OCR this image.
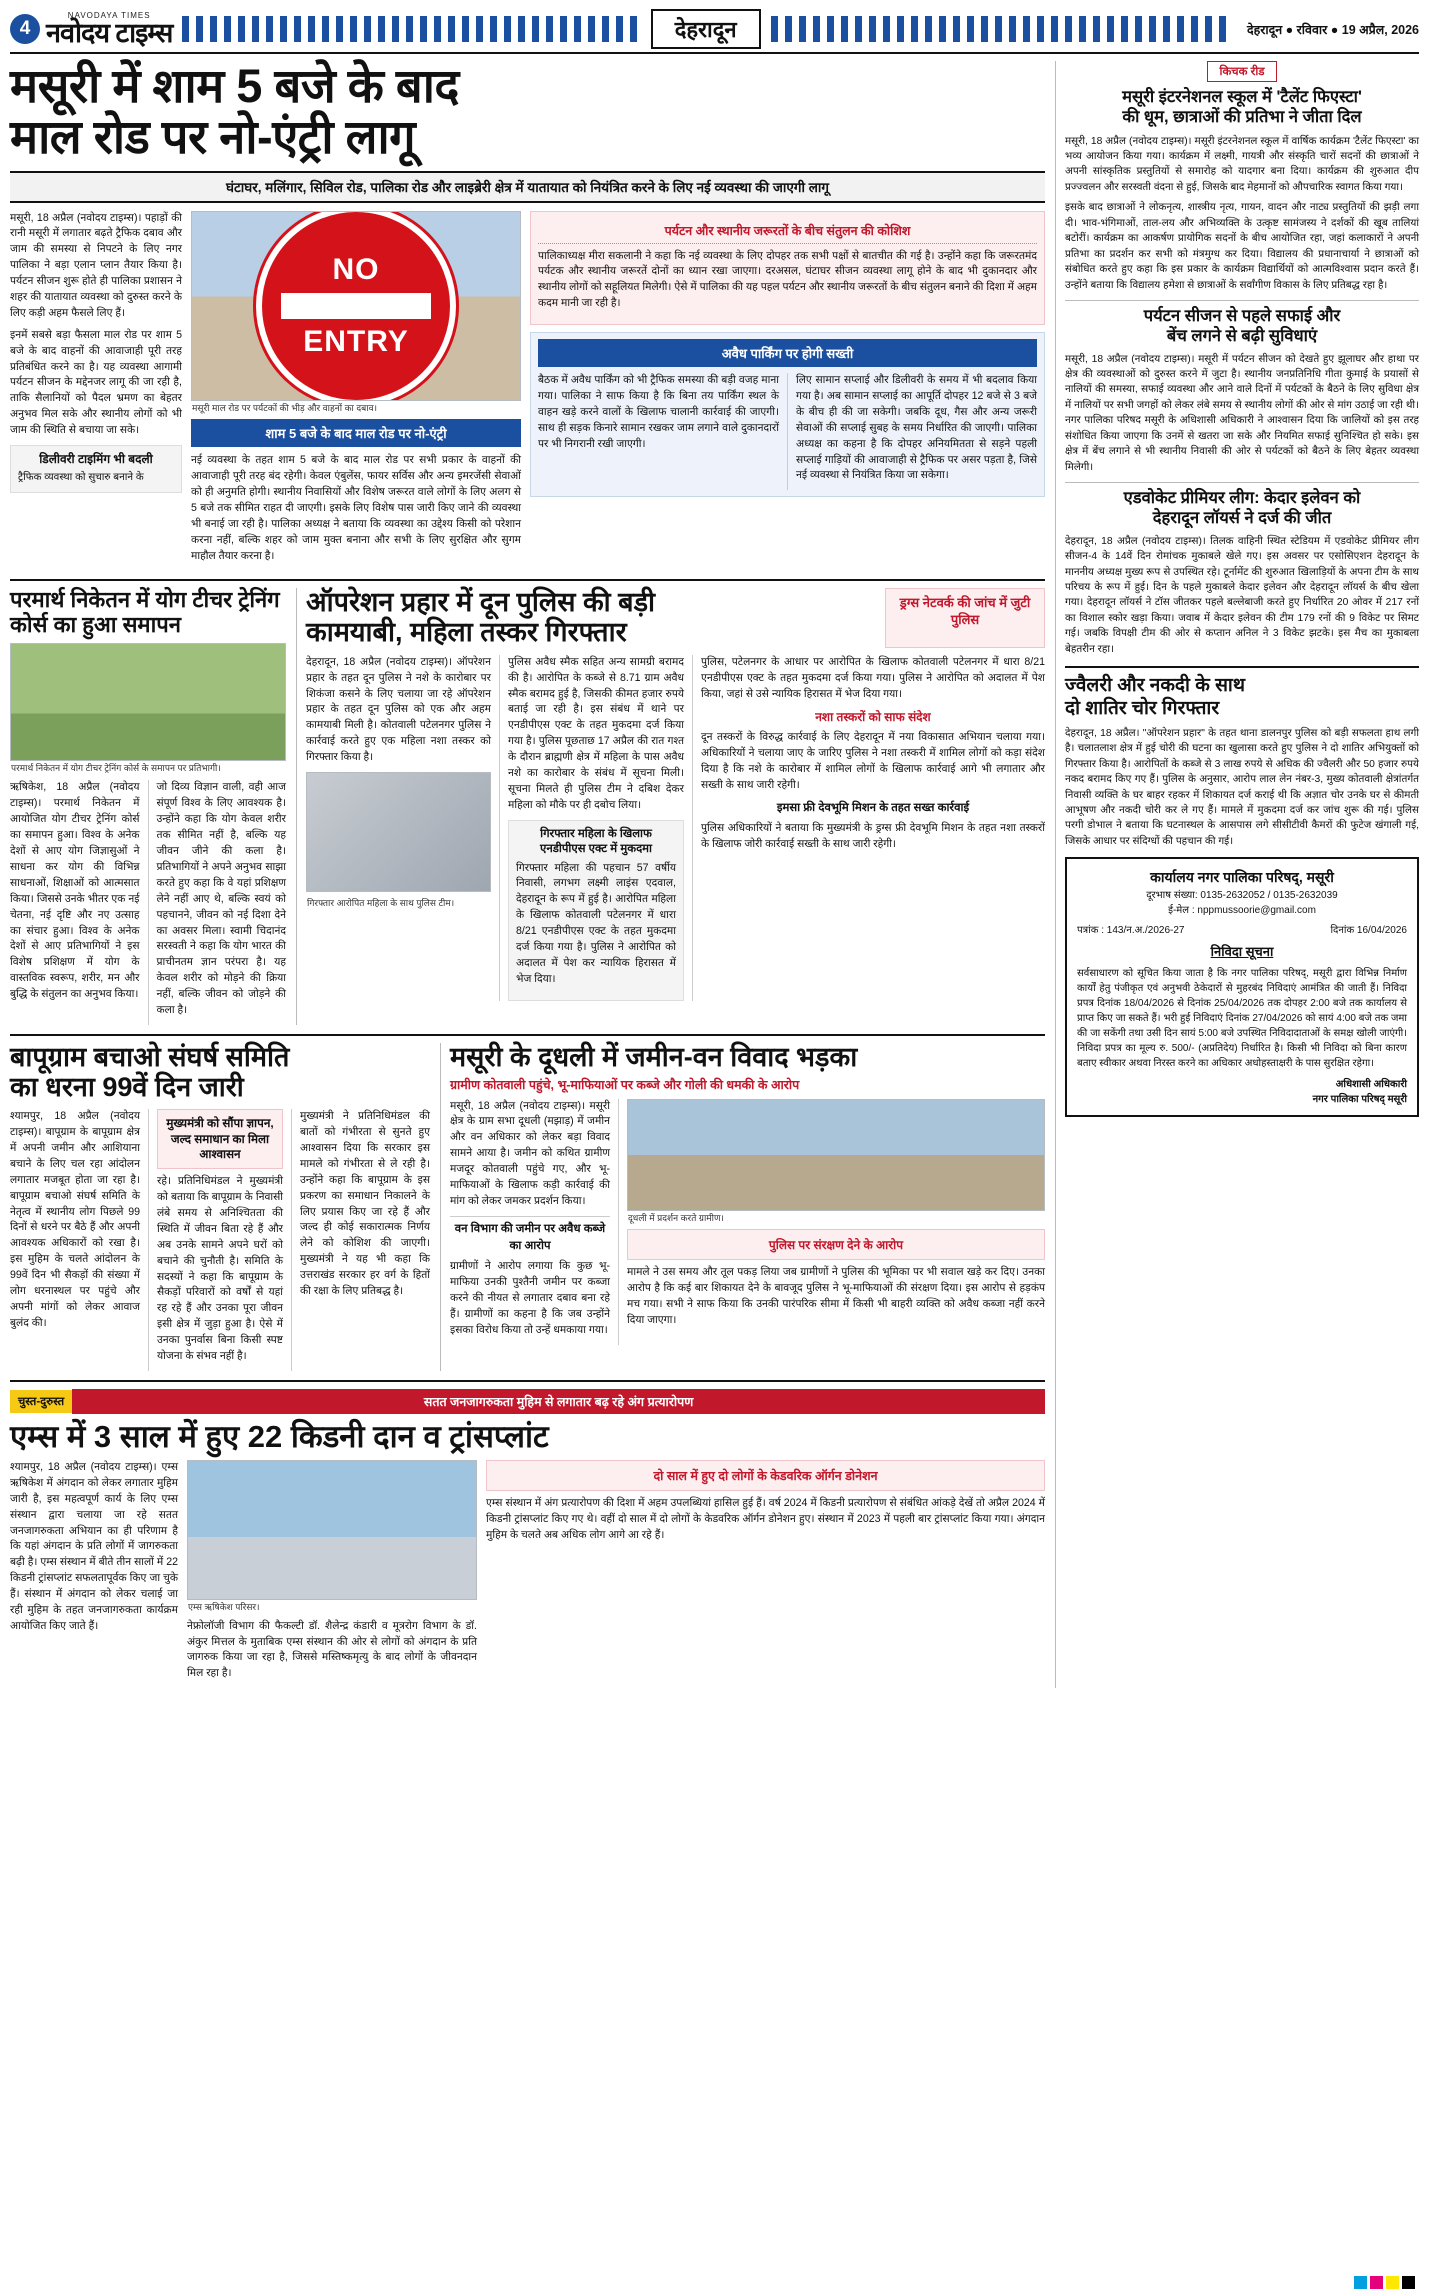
4
NAVODAYA TIMES
नवोदय टाइम्स	देहरादून	देहरादून ● रविवार ● 19 अप्रैल, 2026
मसूरी में शाम 5 बजे के बाद
माल रोड पर नो-एंट्री लागू
घंटाघर, मलिंगार, सिविल रोड, पालिका रोड और लाइब्रेरी क्षेत्र में यातायात को नियंत्रित करने के लिए नई व्यवस्था की जाएगी लागू

मसूरी, 18 अप्रैल (नवोदय टाइम्स)। पहाड़ों की रानी मसूरी में लगातार बढ़ते ट्रैफिक दबाव और जाम की समस्या से निपटने के लिए नगर पालिका ने बड़ा एलान प्लान तैयार किया है। पर्यटन सीजन शुरू होते ही पालिका प्रशासन ने शहर की यातायात व्यवस्था को दुरुस्त करने के लिए कड़ी अहम फैसले लिए हैं।

इनमें सबसे बड़ा फैसला माल रोड पर शाम 5 बजे के बाद वाहनों की आवाजाही पूरी तरह प्रतिबंधित करने का है। यह व्यवस्था आगामी पर्यटन सीजन के मद्देनजर लागू की जा रही है, ताकि सैलानियों को पैदल भ्रमण का बेहतर अनुभव मिल सके और स्थानीय लोगों को भी जाम की स्थिति से बचाया जा सके।

डिलीवरी टाइमिंग भी बदली
ट्रैफिक व्यवस्था को सुचारु बनाने के
NO
ENTRY
मसूरी माल रोड पर पर्यटकों की भीड़ और वाहनों का दबाव।
शाम 5 बजे के बाद माल रोड पर नो-एंट्री

नई व्यवस्था के तहत शाम 5 बजे के बाद माल रोड पर सभी प्रकार के वाहनों की आवाजाही पूरी तरह बंद रहेगी। केवल एंबुलेंस, फायर सर्विस और अन्य इमरजेंसी सेवाओं को ही अनुमति होगी। स्थानीय निवासियों और विशेष जरूरत वाले लोगों के लिए अलग से 5 बजे तक सीमित राहत दी जाएगी। इसके लिए विशेष पास जारी किए जाने की व्यवस्था भी बनाई जा रही है। पालिका अध्यक्ष ने बताया कि व्यवस्था का उद्देश्य किसी को परेशान करना नहीं, बल्कि शहर को जाम मुक्त बनाना और सभी के लिए सुरक्षित और सुगम माहौल तैयार करना है।

पर्यटन और स्थानीय जरूरतों के बीच संतुलन की कोशिश

पालिकाध्यक्ष मीरा सकलानी ने कहा कि नई व्यवस्था के लिए दोपहर तक सभी पक्षों से बातचीत की गई है। उन्होंने कहा कि जरूरतमंद पर्यटक और स्थानीय जरूरतें दोनों का ध्यान रखा जाएगा। दरअसल, घंटाघर सीजन व्यवस्था लागू होने के बाद भी दुकानदार और स्थानीय लोगों को सहूलियत मिलेगी। ऐसे में पालिका की यह पहल पर्यटन और स्थानीय जरूरतों के बीच संतुलन बनाने की दिशा में अहम कदम मानी जा रही है।

अवैध पार्किंग पर होगी सख्ती

बैठक में अवैध पार्किंग को भी ट्रैफिक समस्या की बड़ी वजह माना गया। पालिका ने साफ किया है कि बिना तय पार्किंग स्थल के वाहन खड़े करने वालों के खिलाफ चालानी कार्रवाई की जाएगी। साथ ही सड़क किनारे सामान रखकर जाम लगाने वाले दुकानदारों पर भी निगरानी रखी जाएगी।

लिए सामान सप्लाई और डिलीवरी के समय में भी बदलाव किया गया है। अब सामान सप्लाई का आपूर्ति दोपहर 12 बजे से 3 बजे के बीच ही की जा सकेगी। जबकि दूध, गैस और अन्य जरूरी सेवाओं की सप्लाई सुबह के समय निर्धारित की जाएगी। पालिका अध्यक्ष का कहना है कि दोपहर अनियमितता से सड़ने पहली सप्लाई गाड़ियों की आवाजाही से ट्रैफिक पर असर पड़ता है, जिसे नई व्यवस्था से नियंत्रित किया जा सकेगा।

परमार्थ निकेतन में योग टीचर ट्रेनिंग कोर्स का हुआ समापन
परमार्थ निकेतन में योग टीचर ट्रेनिंग कोर्स के समापन पर प्रतिभागी।

ऋषिकेश, 18 अप्रैल (नवोदय टाइम्स)। परमार्थ निकेतन में आयोजित योग टीचर ट्रेनिंग कोर्स का समापन हुआ। विश्व के अनेक देशों से आए योग जिज्ञासुओं ने साधना कर योग की विभिन्न साधनाओं, शिक्षाओं को आत्मसात किया। जिससे उनके भीतर एक नई चेतना, नई दृष्टि और नए उत्साह का संचार हुआ। विश्व के अनेक देशों से आए प्रतिभागियों ने इस विशेष प्रशिक्षण में योग के वास्तविक स्वरूप, शरीर, मन और बुद्धि के संतुलन का अनुभव किया।

जो दिव्य विज्ञान वाली, वही आज संपूर्ण विश्व के लिए आवश्यक है। उन्होंने कहा कि योग केवल शरीर तक सीमित नहीं है, बल्कि यह जीवन जीने की कला है। प्रतिभागियों ने अपने अनुभव साझा करते हुए कहा कि वे यहां प्रशिक्षण लेने नहीं आए थे, बल्कि स्वयं को पहचानने, जीवन को नई दिशा देने का अवसर मिला। स्वामी चिदानंद सरस्वती ने कहा कि योग भारत की प्राचीनतम ज्ञान परंपरा है। यह केवल शरीर को मोड़ने की क्रिया नहीं, बल्कि जीवन को जोड़ने की कला है।

ऑपरेशन प्रहार में दून पुलिस की बड़ी
कामयाबी, महिला तस्कर गिरफ्तार
ड्रग्स नेटवर्क की जांच में जुटी पुलिस

देहरादून, 18 अप्रैल (नवोदय टाइम्स)। ऑपरेशन प्रहार के तहत दून पुलिस ने नशे के कारोबार पर शिकंजा कसने के लिए चलाया जा रहे ऑपरेशन प्रहार के तहत दून पुलिस को एक और अहम कामयाबी मिली है। कोतवाली पटेलनगर पुलिस ने कार्रवाई करते हुए एक महिला नशा तस्कर को गिरफ्तार किया है।

गिरफ्तार आरोपित महिला के साथ पुलिस टीम।

पुलिस अवैध स्मैक सहित अन्य सामग्री बरामद की है। आरोपित के कब्जे से 8.71 ग्राम अवैध स्मैक बरामद हुई है, जिसकी कीमत हजार रुपये बताई जा रही है। इस संबंध में थाने पर एनडीपीएस एक्ट के तहत मुकदमा दर्ज किया गया है। पुलिस पूछताछ 17 अप्रैल की रात गश्त के दौरान ब्राह्मणी क्षेत्र में महिला के पास अवैध नशे का कारोबार के संबंध में सूचना मिली। सूचना मिलते ही पुलिस टीम ने दबिश देकर महिला को मौके पर ही दबोच लिया।

गिरफ्तार महिला के खिलाफ एनडीपीएस एक्ट में मुकदमा

गिरफ्तार महिला की पहचान 57 वर्षीय निवासी, लगभग लक्ष्मी लाइंस एदवाल, देहरादून के रूप में हुई है। आरोपित महिला के खिलाफ कोतवाली पटेलनगर में धारा 8/21 एनडीपीएस एक्ट के तहत मुकदमा दर्ज किया गया है। पुलिस ने आरोपित को अदालत में पेश कर न्यायिक हिरासत में भेज दिया।

पुलिस, पटेलनगर के आधार पर आरोपित के खिलाफ कोतवाली पटेलनगर में धारा 8/21 एनडीपीएस एक्ट के तहत मुकदमा दर्ज किया गया। पुलिस ने आरोपित को अदालत में पेश किया, जहां से उसे न्यायिक हिरासत में भेज दिया गया।

नशा तस्करों को साफ संदेश

दून तस्करों के विरुद्ध कार्रवाई के लिए देहरादून में नया विकासात अभियान चलाया गया। अधिकारियों ने चलाया जाए के जारिए पुलिस ने नशा तस्करी में शामिल लोगों को कड़ा संदेश दिया है कि नशे के कारोबार में शामिल लोगों के खिलाफ कार्रवाई आगे भी लगातार और सख्ती के साथ जारी रहेगी।

इमसा फ्री देवभूमि मिशन के तहत सख्त कार्रवाई

पुलिस अधिकारियों ने बताया कि मुख्यमंत्री के ड्रग्स फ्री देवभूमि मिशन के तहत नशा तस्करों के खिलाफ जोरी कार्रवाई सख्ती के साथ जारी रहेगी।

बापूग्राम बचाओ संघर्ष समिति
का धरना 99वें दिन जारी

श्यामपुर, 18 अप्रैल (नवोदय टाइम्स)। बापूग्राम के बापूग्राम क्षेत्र में अपनी जमीन और आशियाना बचाने के लिए चल रहा आंदोलन लगातार मजबूत होता जा रहा है। बापूग्राम बचाओ संघर्ष समिति के नेतृत्व में स्थानीय लोग पिछले 99 दिनों से धरने पर बैठे हैं और अपनी आवश्यक अधिकारों को रखा है। इस मुहिम के चलते आंदोलन के 99वें दिन भी सैकड़ों की संख्या में लोग धरनास्थल पर पहुंचे और अपनी मांगों को लेकर आवाज बुलंद की।

मुख्यमंत्री को सौंपा ज्ञापन, जल्द समाधान का मिला आश्वासन

रहे। प्रतिनिधिमंडल ने मुख्यमंत्री को बताया कि बापूग्राम के निवासी लंबे समय से अनिश्चितता की स्थिति में जीवन बिता रहे हैं और अब उनके सामने अपने घरों को बचाने की चुनौती है। समिति के सदस्यों ने कहा कि बापूग्राम के सैकड़ों परिवारों को वर्षों से यहां रह रहे हैं और उनका पूरा जीवन इसी क्षेत्र में जुड़ा हुआ है। ऐसे में उनका पुनर्वास बिना किसी स्पष्ट योजना के संभव नहीं है।

मुख्यमंत्री ने प्रतिनिधिमंडल की बातों को गंभीरता से सुनते हुए आश्वासन दिया कि सरकार इस मामले को गंभीरता से ले रही है। उन्होंने कहा कि बापूग्राम के इस प्रकरण का समाधान निकालने के लिए प्रयास किए जा रहे हैं और जल्द ही कोई सकारात्मक निर्णय लेने को कोशिश की जाएगी। मुख्यमंत्री ने यह भी कहा कि उत्तराखंड सरकार हर वर्ग के हितों की रक्षा के लिए प्रतिबद्ध है।

मसूरी के दूधली में जमीन-वन विवाद भड़का
ग्रामीण कोतवाली पहुंचे, भू-माफियाओं पर कब्जे और गोली की धमकी के आरोप

मसूरी, 18 अप्रैल (नवोदय टाइम्स)। मसूरी क्षेत्र के ग्राम सभा दूधली (मझाड़) में जमीन और वन अधिकार को लेकर बड़ा विवाद सामने आया है। जमीन को कथित ग्रामीण मजदूर कोतवाली पहुंचे गए, और भू-माफियाओं के खिलाफ कड़ी कार्रवाई की मांग को लेकर जमकर प्रदर्शन किया।

वन विभाग की जमीन पर अवैध कब्जे का आरोप

ग्रामीणों ने आरोप लगाया कि कुछ भू-माफिया उनकी पुश्तैनी जमीन पर कब्जा करने की नीयत से लगातार दबाव बना रहे हैं। ग्रामीणों का कहना है कि जब उन्होंने इसका विरोध किया तो उन्हें धमकाया गया।

दूधली में प्रदर्शन करते ग्रामीण।
पुलिस पर संरक्षण देने के आरोप

मामले ने उस समय और तूल पकड़ लिया जब ग्रामीणों ने पुलिस की भूमिका पर भी सवाल खड़े कर दिए। उनका आरोप है कि कई बार शिकायत देने के बावजूद पुलिस ने भू-माफियाओं की संरक्षण दिया। इस आरोप से हड़कंप मच गया। सभी ने साफ किया कि उनकी पारंपरिक सीमा में किसी भी बाहरी व्यक्ति को अवैध कब्जा नहीं करने दिया जाएगा।

चुस्त-दुरुस्त	सतत जनजागरुकता मुहिम से लगातार बढ़ रहे अंग प्रत्यारोपण
एम्स में 3 साल में हुए 22 किडनी दान व ट्रांसप्लांट

श्यामपुर, 18 अप्रैल (नवोदय टाइम्स)। एम्स ऋषिकेश में अंगदान को लेकर लगातार मुहिम जारी है, इस महत्वपूर्ण कार्य के लिए एम्स संस्थान द्वारा चलाया जा रहे सतत जनजागरुकता अभियान का ही परिणाम है कि यहां अंगदान के प्रति लोगों में जागरुकता बढ़ी है। एम्स संस्थान में बीते तीन सालों में 22 किडनी ट्रांसप्लांट सफलतापूर्वक किए जा चुके हैं। संस्थान में अंगदान को लेकर चलाई जा रही मुहिम के तहत जनजागरुकता कार्यक्रम आयोजित किए जाते हैं।

एम्स ऋषिकेश परिसर।

नेफ्रोलॉजी विभाग की फैकल्टी डॉ. शैलेन्द्र कंडारी व मूत्ररोग विभाग के डॉ. अंकुर मित्तल के मुताबिक एम्स संस्थान की ओर से लोगों को अंगदान के प्रति जागरुक किया जा रहा है, जिससे मस्तिष्कमृत्यु के बाद लोगों के जीवनदान मिल रहा है।

दो साल में हुए दो लोगों के केडवरिक ऑर्गन डोनेशन

एम्स संस्थान में अंग प्रत्यारोपण की दिशा में अहम उपलब्धियां हासिल हुई हैं। वर्ष 2024 में किडनी प्रत्यारोपण से संबंधित आंकड़े देखें तो अप्रैल 2024 में किडनी ट्रांसप्लांट किए गए थे। वहीं दो साल में दो लोगों के केडवरिक ऑर्गन डोनेशन हुए। संस्थान में 2023 में पहली बार ट्रांसप्लांट किया गया। अंगदान मुहिम के चलते अब अधिक लोग आगे आ रहे हैं।

किचक रीड
मसूरी इंटरनेशनल स्कूल में 'टैलेंट फिएस्टा'
की धूम, छात्राओं की प्रतिभा ने जीता दिल

मसूरी, 18 अप्रैल (नवोदय टाइम्स)। मसूरी इंटरनेशनल स्कूल में वार्षिक कार्यक्रम 'टैलेंट फिएस्टा' का भव्य आयोजन किया गया। कार्यक्रम में लक्ष्मी, गायत्री और संस्कृति चारों सदनों की छात्राओं ने अपनी सांस्कृतिक प्रस्तुतियों से समारोह को यादगार बना दिया। कार्यक्रम की शुरुआत दीप प्रज्ज्वलन और सरस्वती वंदना से हुई, जिसके बाद मेहमानों को औपचारिक स्वागत किया गया।

इसके बाद छात्राओं ने लोकनृत्य, शास्त्रीय नृत्य, गायन, वादन और नाट्य प्रस्तुतियों की झड़ी लगा दी। भाव-भंगिमाओं, ताल-लय और अभिव्यक्ति के उत्कृष्ट सामंजस्य ने दर्शकों की खूब तालियां बटोरीं। कार्यक्रम का आकर्षण प्रायोगिक सदनों के बीच आयोजित रहा, जहां कलाकारों ने अपनी प्रतिभा का प्रदर्शन कर सभी को मंत्रमुग्ध कर दिया। विद्यालय की प्रधानाचार्या ने छात्राओं को संबोधित करते हुए कहा कि इस प्रकार के कार्यक्रम विद्यार्थियों को आत्मविश्वास प्रदान करते हैं। उन्होंने बताया कि विद्यालय हमेशा से छात्राओं के सर्वांगीण विकास के लिए प्रतिबद्ध रहा है।

पर्यटन सीजन से पहले सफाई और
बेंच लगने से बढ़ी सुविधाएं

मसूरी, 18 अप्रैल (नवोदय टाइम्स)। मसूरी में पर्यटन सीजन को देखते हुए झूलाघर और हाथा पर क्षेत्र की व्यवस्थाओं को दुरुस्त करने में जुटा है। स्थानीय जनप्रतिनिधि गीता कुमाई के प्रयासों से नालियों की समस्या, सफाई व्यवस्था और आने वाले दिनों में पर्यटकों के बैठने के लिए सुविधा क्षेत्र में नालियों पर सभी जगहों को लेकर लंबे समय से स्थानीय लोगों की ओर से मांग उठाई जा रही थी। नगर पालिका परिषद मसूरी के अधिशासी अधिकारी ने आश्वासन दिया कि जालियों को इस तरह संशोधित किया जाएगा कि उनमें से खतरा जा सके और नियमित सफाई सुनिश्चित हो सके। इस क्षेत्र में बेंच लगाने से भी स्थानीय निवासी की ओर से पर्यटकों को बैठने के लिए बेहतर व्यवस्था मिलेगी।

एडवोकेट प्रीमियर लीग: केदार इलेवन को
देहरादून लॉयर्स ने दर्ज की जीत

देहरादून, 18 अप्रैल (नवोदय टाइम्स)। तिलक वाहिनी स्थित स्टेडियम में एडवोकेट प्रीमियर लीग सीजन-4 के 14वें दिन रोमांचक मुकाबले खेले गए। इस अवसर पर एसोसिएशन देहरादून के माननीय अध्यक्ष मुख्य रूप से उपस्थित रहे। टूर्नामेंट की शुरुआत खिलाड़ियों के अपना टीम के साथ परिचय के रूप में हुई। दिन के पहले मुकाबले केदार इलेवन और देहरादून लॉयर्स के बीच खेला गया। देहरादून लॉयर्स ने टॉस जीतकर पहले बल्लेबाजी करते हुए निर्धारित 20 ओवर में 217 रनों का विशाल स्कोर खड़ा किया। जवाब में केदार इलेवन की टीम 179 रनों की 9 विकेट पर सिमट गई। जबकि विपक्षी टीम की ओर से कप्तान अनिल ने 3 विकेट झटके। इस मैच का मुकाबला बेहतरीन रहा।

ज्वैलरी और नकदी के साथ
दो शातिर चोर गिरफ्तार

देहरादून, 18 अप्रैल। "ऑपरेशन प्रहार" के तहत थाना डालनपुर पुलिस को बड़ी सफलता हाथ लगी है। चलातलाश क्षेत्र में हुई चोरी की घटना का खुलासा करते हुए पुलिस ने दो शातिर अभियुक्तों को गिरफ्तार किया है। आरोपितों के कब्जे से 3 लाख रुपये से अधिक की ज्वैलरी और 50 हजार रुपये नकद बरामद किए गए हैं। पुलिस के अनुसार, आरोप लाल लेन नंबर-3, मुख्य कोतवाली क्षेत्रांतर्गत निवासी व्यक्ति के घर बाहर रहकर में शिकायत दर्ज कराई थी कि अज्ञात चोर उनके घर से कीमती आभूषण और नकदी चोरी कर ले गए हैं। मामले में मुकदमा दर्ज कर जांच शुरू की गई। पुलिस परगी डोभाल ने बताया कि घटनास्थल के आसपास लगे सीसीटीवी कैमरों की फुटेज खंगाली गई, जिसके आधार पर संदिग्धों की पहचान की गई।

कार्यालय नगर पालिका परिषद्, मसूरी
दूरभाष संख्या: 0135-2632052 / 0135-2632039
ई-मेल : nppmussoorie@gmail.com
पत्रांक : 143/न.अ./2026-27	दिनांक 16/04/2026
निविदा सूचना
सर्वसाधारण को सूचित किया जाता है कि नगर पालिका परिषद्, मसूरी द्वारा विभिन्न निर्माण कार्यों हेतु पंजीकृत एवं अनुभवी ठेकेदारों से मुहरबंद निविदाएं आमंत्रित की जाती हैं। निविदा प्रपत्र दिनांक 18/04/2026 से दिनांक 25/04/2026 तक दोपहर 2:00 बजे तक कार्यालय से प्राप्त किए जा सकते हैं। भरी हुई निविदाएं दिनांक 27/04/2026 को सायं 4:00 बजे तक जमा की जा सकेंगी तथा उसी दिन सायं 5:00 बजे उपस्थित निविदादाताओं के समक्ष खोली जाएंगी। निविदा प्रपत्र का मूल्य रु. 500/- (अप्रतिदेय) निर्धारित है। किसी भी निविदा को बिना कारण बताए स्वीकार अथवा निरस्त करने का अधिकार अधोहस्ताक्षरी के पास सुरक्षित रहेगा।
अधिशासी अधिकारी
नगर पालिका परिषद् मसूरी
